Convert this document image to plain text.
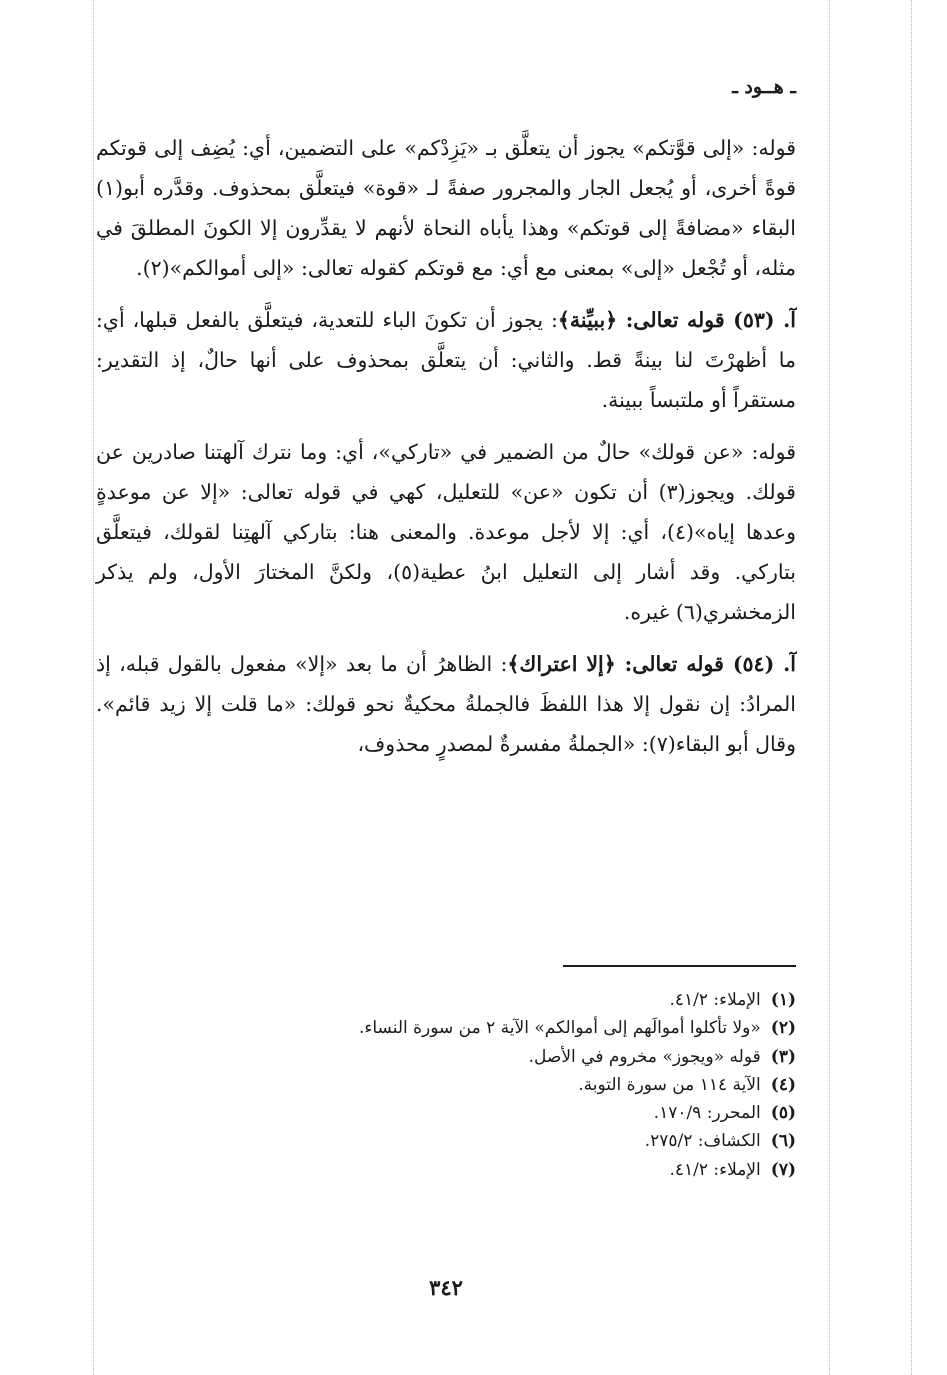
ـ هــود ـ

قوله: «إلى قوَّتكم» يجوز أن يتعلَّق بـ «يَزِدْكم» على التضمين، أي: يُضِف إلى قوتكم قوةً أخرى، أو يُجعل الجار والمجرور صفةً لـ «قوة» فيتعلَّق بمحذوف. وقدَّره أبو(١) البقاء «مضافةً إلى قوتكم» وهذا يأباه النحاة لأنهم لا يقدِّرون إلا الكونَ المطلقَ في مثله، أو تُجْعل «إلى» بمعنى مع أي: مع قوتكم كقوله تعالى: «إلى أموالكم»(٢).

آ. (٥٣) قوله تعالى: ﴿ببيِّنة﴾: يجوز أن تكونَ الباء للتعدية، فيتعلَّق بالفعل قبلها، أي: ما أظهرْتَ لنا بينةً قط. والثاني: أن يتعلَّق بمحذوف على أنها حالٌ، إذ التقدير: مستقراً أو ملتبساً ببينة.

قوله: «عن قولك» حالٌ من الضمير في «تاركي»، أي: وما نترك آلهتنا صادرين عن قولك. ويجوز(٣) أن تكون «عن» للتعليل، كهي في قوله تعالى: «إلا عن موعدةٍ وعدها إياه»(٤)، أي: إلا لأجل موعدة. والمعنى هنا: بتاركي آلهتِنا لقولك، فيتعلَّق بتاركي. وقد أشار إلى التعليل ابنُ عطية(٥)، ولكنَّ المختارَ الأول، ولم يذكر الزمخشري(٦) غيره.

آ. (٥٤) قوله تعالى: ﴿إلا اعتراك﴾: الظاهرُ أن ما بعد «إلا» مفعول بالقول قبله، إذ المرادُ: إن نقول إلا هذا اللفظَ فالجملةُ محكيةٌ نحو قولك: «ما قلت إلا زيد قائم». وقال أبو البقاء(٧): «الجملةُ مفسرةٌ لمصدرٍ محذوف،

(١)الإملاء: ٤١/٢.
(٢)«ولا تأكلوا أموالَهم إلى أموالكم» الآية ٢ من سورة النساء.
(٣)قوله «ويجوز» مخروم في الأصل.
(٤)الآية ١١٤ من سورة التوبة.
(٥)المحرر: ١٧٠/٩.
(٦)الكشاف: ٢٧٥/٢.
(٧)الإملاء: ٤١/٢.
٣٤٢
